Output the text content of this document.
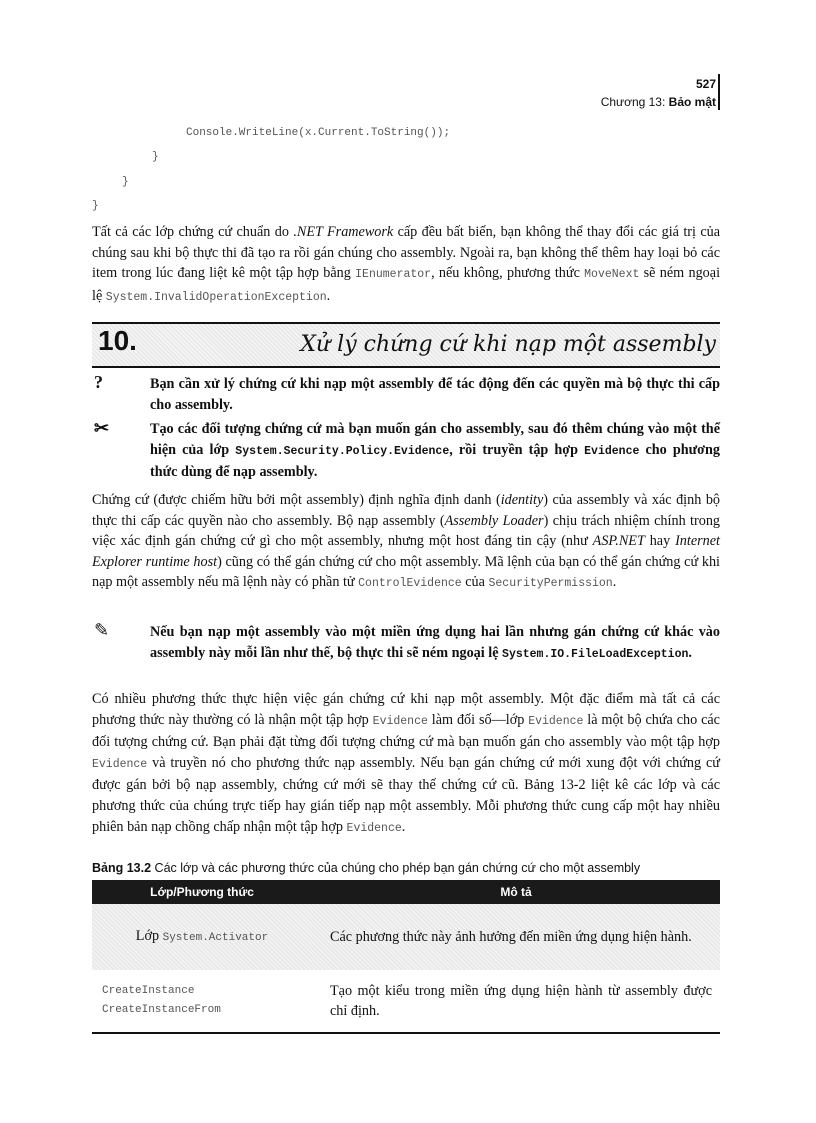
527
Chương 13: Bảo mật
Console.WriteLine(x.Current.ToString());
}
}
}
Tất cả các lớp chứng cứ chuẩn do .NET Framework cấp đều bất biến, bạn không thể thay đổi các giá trị của chúng sau khi bộ thực thi đã tạo ra rồi gán chúng cho assembly. Ngoài ra, bạn không thể thêm hay loại bỏ các item trong lúc đang liệt kê một tập hợp bằng IEnumerator, nếu không, phương thức MoveNext sẽ ném ngoại lệ System.InvalidOperationException.
10.	Xử lý chứng cứ khi nạp một assembly
?	Bạn cần xử lý chứng cứ khi nạp một assembly để tác động đến các quyền mà bộ thực thi cấp cho assembly.
✂	Tạo các đối tượng chứng cứ mà bạn muốn gán cho assembly, sau đó thêm chúng vào một thể hiện của lớp System.Security.Policy.Evidence, rồi truyền tập hợp Evidence cho phương thức dùng để nạp assembly.
Chứng cứ (được chiếm hữu bởi một assembly) định nghĩa định danh (identity) của assembly và xác định bộ thực thi cấp các quyền nào cho assembly. Bộ nạp assembly (Assembly Loader) chịu trách nhiệm chính trong việc xác định gán chứng cứ gì cho một assembly, nhưng một host đáng tin cậy (như ASP.NET hay Internet Explorer runtime host) cũng có thể gán chứng cứ cho một assembly. Mã lệnh của bạn có thể gán chứng cứ khi nạp một assembly nếu mã lệnh này có phần tử ControlEvidence của SecurityPermission.
✎	Nếu bạn nạp một assembly vào một miền ứng dụng hai lần nhưng gán chứng cứ khác vào assembly này mỗi lần như thế, bộ thực thi sẽ ném ngoại lệ System.IO.FileLoadException.
Có nhiều phương thức thực hiện việc gán chứng cứ khi nạp một assembly. Một đặc điểm mà tất cả các phương thức này thường có là nhận một tập hợp Evidence làm đối số—lớp Evidence là một bộ chứa cho các đối tượng chứng cứ. Bạn phải đặt từng đối tượng chứng cứ mà bạn muốn gán cho assembly vào một tập hợp Evidence và truyền nó cho phương thức nạp assembly. Nếu bạn gán chứng cứ mới xung đột với chứng cứ được gán bởi bộ nạp assembly, chứng cứ mới sẽ thay thế chứng cứ cũ. Bảng 13-2 liệt kê các lớp và các phương thức của chúng trực tiếp hay gián tiếp nạp một assembly. Mỗi phương thức cung cấp một hay nhiều phiên bản nạp chồng chấp nhận một tập hợp Evidence.
Bảng 13.2 Các lớp và các phương thức của chúng cho phép bạn gán chứng cứ cho một assembly
Lớp/Phương thức	Mô tả
Lớp System.Activator	Các phương thức này ảnh hưởng đến miền ứng dụng hiện hành.

CreateInstance
CreateInstanceFrom	Tạo một kiểu trong miền ứng dụng hiện hành từ assembly được chỉ định.
